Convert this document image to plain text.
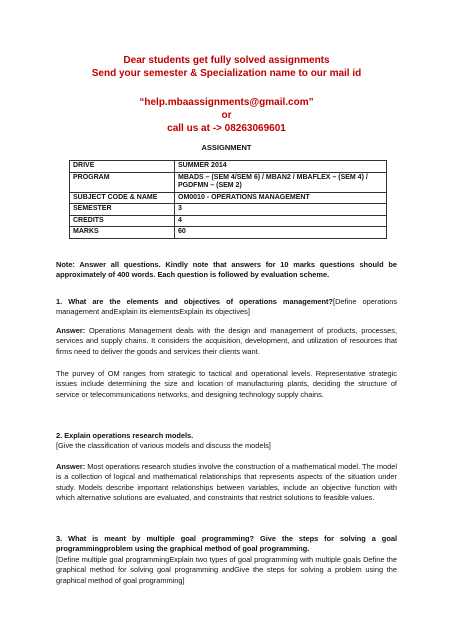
Dear students get fully solved assignments
Send your semester & Specialization name to our mail id
“help.mbaassignments@gmail.com”
or
call us at -> 08263069601
ASSIGNMENT
DRIVE	SUMMER 2014
PROGRAM	MBADS – (SEM 4/SEM 6) / MBAN2 / MBAFLEX – (SEM 4) / PGDFMN – (SEM 2)
SUBJECT CODE & NAME	OM0010 - OPERATIONS MANAGEMENT
SEMESTER	3
CREDITS	4
MARKS	60

Note: Answer all questions. Kindly note that answers for 10 marks questions should be approximately of 400 words. Each question is followed by evaluation scheme.

1. What are the elements and objectives of operations management?[Define operations management andExplain its elementsExplain its objectives]

Answer: Operations Management deals with the design and management of products, processes, services and supply chains. It considers the acquisition, development, and utilization of resources that firms need to deliver the goods and services their clients want.

The purvey of OM ranges from strategic to tactical and operational levels. Representative strategic issues include determining the size and location of manufacturing plants, deciding the structure of service or telecommunications networks, and designing technology supply chains.

2. Explain operations research models.
[Give the classification of various models and discuss the models]

Answer: Most operations research studies involve the construction of a mathematical model. The model is a collection of logical and mathematical relationships that represents aspects of the situation under study. Models describe important relationships between variables, include an objective function with which alternative solutions are evaluated, and constraints that restrict solutions to feasible values.

3. What is meant by multiple goal programming? Give the steps for solving a goal programmingproblem using the graphical method of goal programming.
[Define multiple goal programmingExplain two types of goal programming with multiple goals Define the graphical method for solving goal programming andGive the steps for solving a problem using the graphical method of goal programming]
